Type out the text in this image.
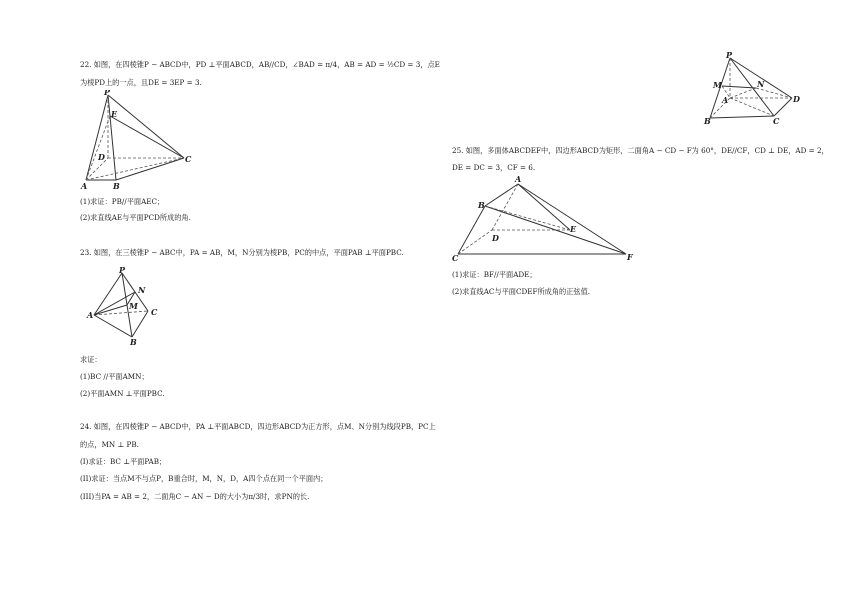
22. 如图，在四棱锥P − ABCD中，PD ⊥平面ABCD，AB//CD，∠BAD = π/4，AB = AD = ½CD = 3，点E
为棱PD上的一点，且DE = 3EP = 3.
P
E
D	C
A	B
(1)求证：PB//平面AEC；
(2)求直线AE与平面PCD所成的角.
23. 如图，在三棱锥P − ABC中，PA = AB，M，N分别为棱PB，PC的中点，平面PAB ⊥平面PBC.
P
N
M
A	C
B
求证：
(1)BC //平面AMN；
(2)平面AMN ⊥平面PBC.
24. 如图，在四棱锥P − ABCD中，PA ⊥平面ABCD，四边形ABCD为正方形，点M、N分别为线段PB，PC上
的点，MN ⊥ PB.
(I)求证：BC ⊥平面PAB；
(II)求证：当点M不与点P，B重合时，M，N，D，A四个点在同一个平面内；
(III)当PA = AB = 2，二面角C − AN − D的大小为π/3时，求PN的长.
P
M	N
A	D
B	C
25. 如图，多面体ABCDEF中，四边形ABCD为矩形，二面角A − CD − F为 60°，DE//CF，CD ⊥ DE，AD = 2，
DE = DC = 3，CF = 6.
A
B
E
D
C	F
(1)求证：BF//平面ADE；
(2)求直线AC与平面CDEF所成角的正弦值.
